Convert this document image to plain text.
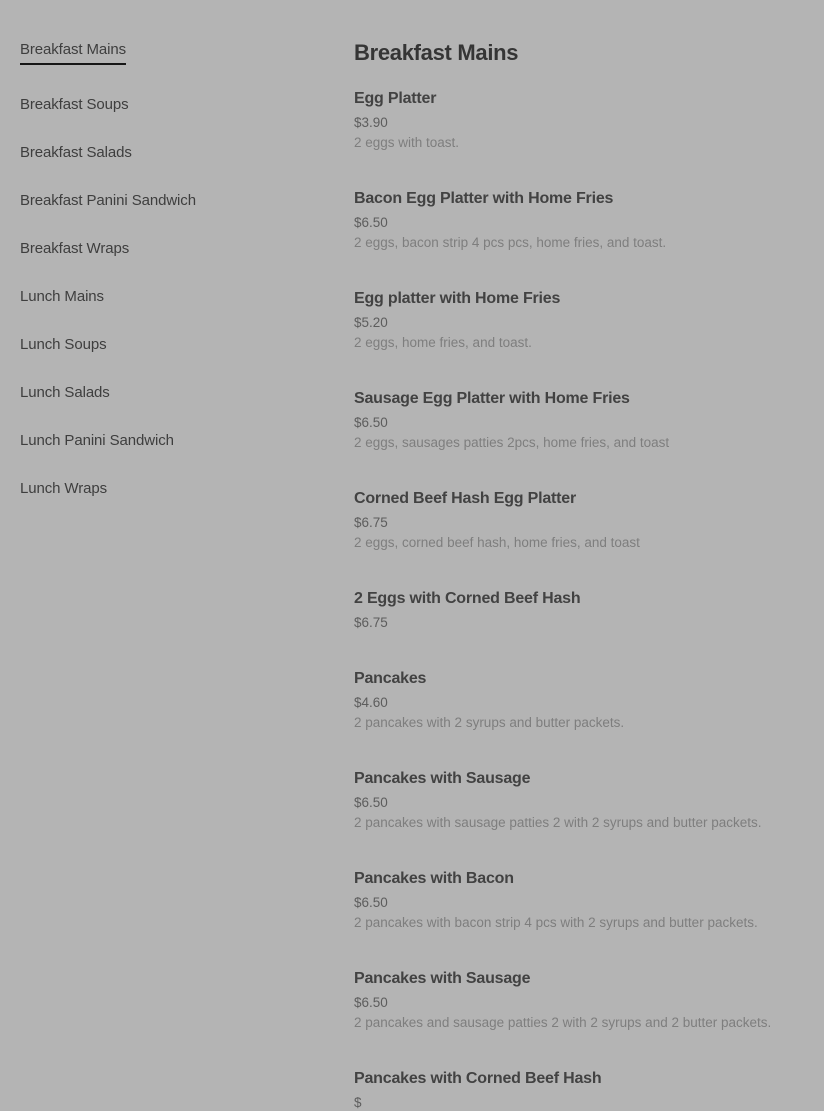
Breakfast Mains
Breakfast Soups
Breakfast Salads
Breakfast Panini Sandwich
Breakfast Wraps
Lunch Mains
Lunch Soups
Lunch Salads
Lunch Panini Sandwich
Lunch Wraps
Breakfast Mains
Egg Platter
$3.90
2 eggs with toast.
Bacon Egg Platter with Home Fries
$6.50
2 eggs, bacon strip 4 pcs pcs, home fries, and toast.
Egg platter with Home Fries
$5.20
2 eggs, home fries, and toast.
Sausage Egg Platter with Home Fries
$6.50
2 eggs, sausages patties 2pcs, home fries, and toast
Corned Beef Hash Egg Platter
$6.75
2 eggs, corned beef hash, home fries, and toast
2 Eggs with Corned Beef Hash
$6.75
Pancakes
$4.60
2 pancakes with 2 syrups and butter packets.
Pancakes with Sausage
$6.50
2 pancakes with sausage patties 2 with 2 syrups and butter packets.
Pancakes with Bacon
$6.50
2 pancakes with bacon strip 4 pcs with 2 syrups and butter packets.
Pancakes with Sausage
$6.50
2 pancakes and sausage patties 2 with 2 syrups and 2 butter packets.
Pancakes with Corned Beef Hash
$
